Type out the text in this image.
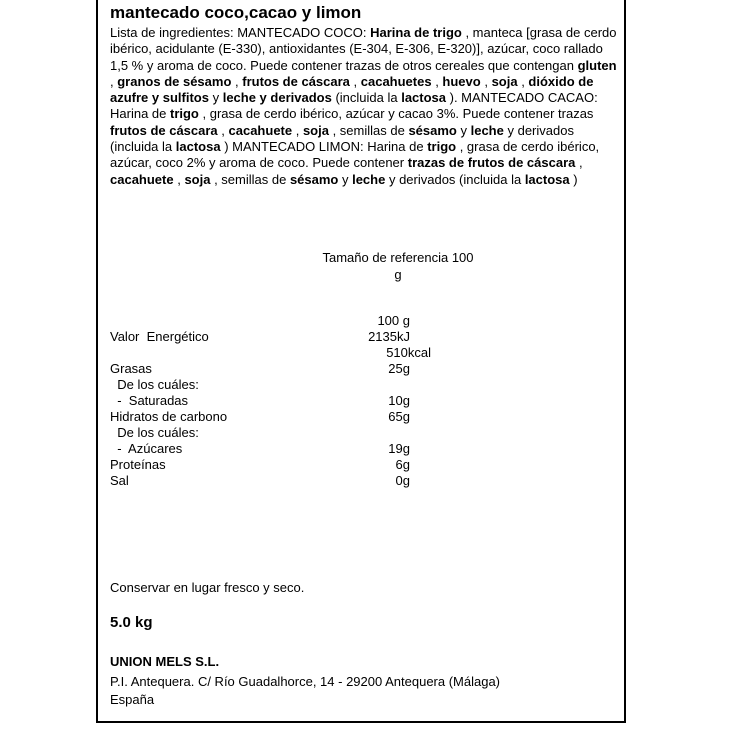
mantecado coco,cacao y limon

Lista de ingredientes: MANTECADO COCO: Harina de trigo , manteca [grasa de cerdo ibérico, acidulante (E-330), antioxidantes (E-304, E-306, E-320)], azúcar, coco rallado 1,5 % y aroma de coco. Puede contener trazas de otros cereales que contengan gluten , granos de sésamo , frutos de cáscara , cacahuetes , huevo , soja , dióxido de azufre y sulfitos y leche y derivados (incluida la lactosa ). MANTECADO CACAO: Harina de trigo , grasa de cerdo ibérico, azúcar y cacao 3%. Puede contener trazas frutos de cáscara , cacahuete , soja , semillas de sésamo y leche y derivados (incluida la lactosa ) MANTECADO LIMON: Harina de trigo , grasa de cerdo ibérico, azúcar, coco 2% y aroma de coco. Puede contener trazas de frutos de cáscara , cacahuete , soja , semillas de sésamo y leche y derivados (incluida la lactosa )

Tamaño de referencia 100
g
100 g
Valor  Energético	2135kJ
510kcal
Grasas	25g
De los cuáles:
-  Saturadas	10g
Hidratos de carbono	65g
De los cuáles:
-  Azúcares	19g
Proteínas	6g
Sal	0g
Conservar en lugar fresco y seco.
5.0 kg
UNION MELS S.L.
P.I. Antequera. C/ Río Guadalhorce, 14 - 29200 Antequera (Málaga)
España
